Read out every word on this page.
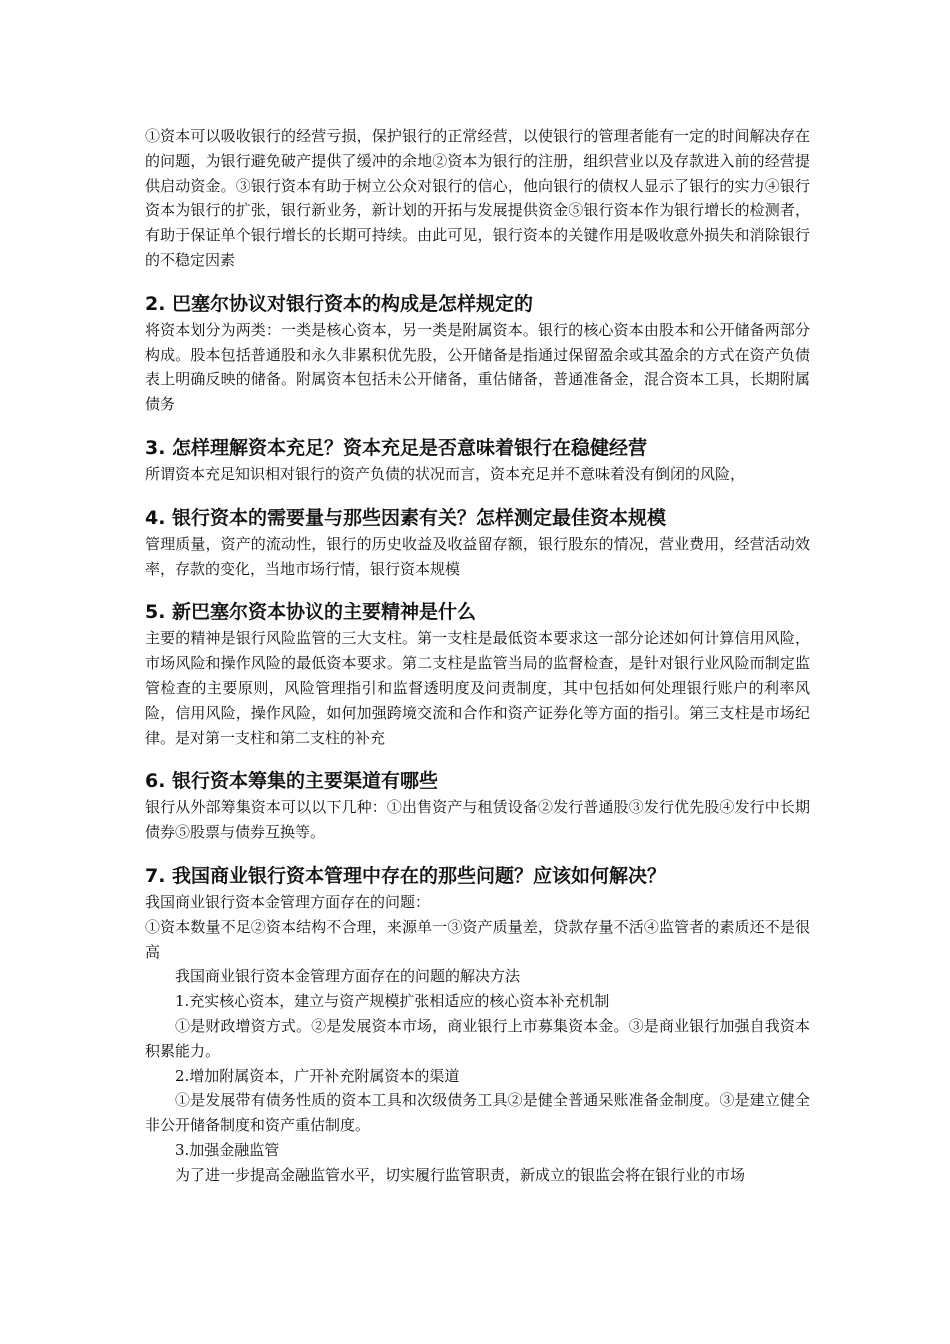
①资本可以吸收银行的经营亏损，保护银行的正常经营，以使银行的管理者能有一定的时间解决存在的问题，为银行避免破产提供了缓冲的余地②资本为银行的注册，组织营业以及存款进入前的经营提供启动资金。③银行资本有助于树立公众对银行的信心，他向银行的债权人显示了银行的实力④银行资本为银行的扩张，银行新业务，新计划的开拓与发展提供资金⑤银行资本作为银行增长的检测者，有助于保证单个银行增长的长期可持续。由此可见，银行资本的关键作用是吸收意外损失和消除银行的不稳定因素

2. 巴塞尔协议对银行资本的构成是怎样规定的

将资本划分为两类：一类是核心资本，另一类是附属资本。银行的核心资本由股本和公开储备两部分构成。股本包括普通股和永久非累积优先股，公开储备是指通过保留盈余或其盈余的方式在资产负债表上明确反映的储备。附属资本包括未公开储备，重估储备，普通准备金，混合资本工具，长期附属债务

3. 怎样理解资本充足？资本充足是否意味着银行在稳健经营

所谓资本充足知识相对银行的资产负债的状况而言，资本充足并不意味着没有倒闭的风险，

4. 银行资本的需要量与那些因素有关？怎样测定最佳资本规模

管理质量，资产的流动性，银行的历史收益及收益留存额，银行股东的情况，营业费用，经营活动效率，存款的变化，当地市场行情，银行资本规模

5. 新巴塞尔资本协议的主要精神是什么

主要的精神是银行风险监管的三大支柱。第一支柱是最低资本要求这一部分论述如何计算信用风险，市场风险和操作风险的最低资本要求。第二支柱是监管当局的监督检查，是针对银行业风险而制定监管检查的主要原则，风险管理指引和监督透明度及问责制度，其中包括如何处理银行账户的利率风险，信用风险，操作风险，如何加强跨境交流和合作和资产证券化等方面的指引。第三支柱是市场纪律。是对第一支柱和第二支柱的补充

6. 银行资本筹集的主要渠道有哪些

银行从外部筹集资本可以以下几种：①出售资产与租赁设备②发行普通股③发行优先股④发行中长期债券⑤股票与债券互换等。

7. 我国商业银行资本管理中存在的那些问题？应该如何解决？

我国商业银行资本金管理方面存在的问题：

①资本数量不足②资本结构不合理，来源单一③资产质量差，贷款存量不活④监管者的素质还不是很高

我国商业银行资本金管理方面存在的问题的解决方法

1.充实核心资本，建立与资产规模扩张相适应的核心资本补充机制

①是财政增资方式。②是发展资本市场，商业银行上市募集资本金。③是商业银行加强自我资本积累能力。

2.增加附属资本，广开补充附属资本的渠道

①是发展带有债务性质的资本工具和次级债务工具②是健全普通呆账准备金制度。③是建立健全非公开储备制度和资产重估制度。

3.加强金融监管

为了进一步提高金融监管水平，切实履行监管职责，新成立的银监会将在银行业的市场
